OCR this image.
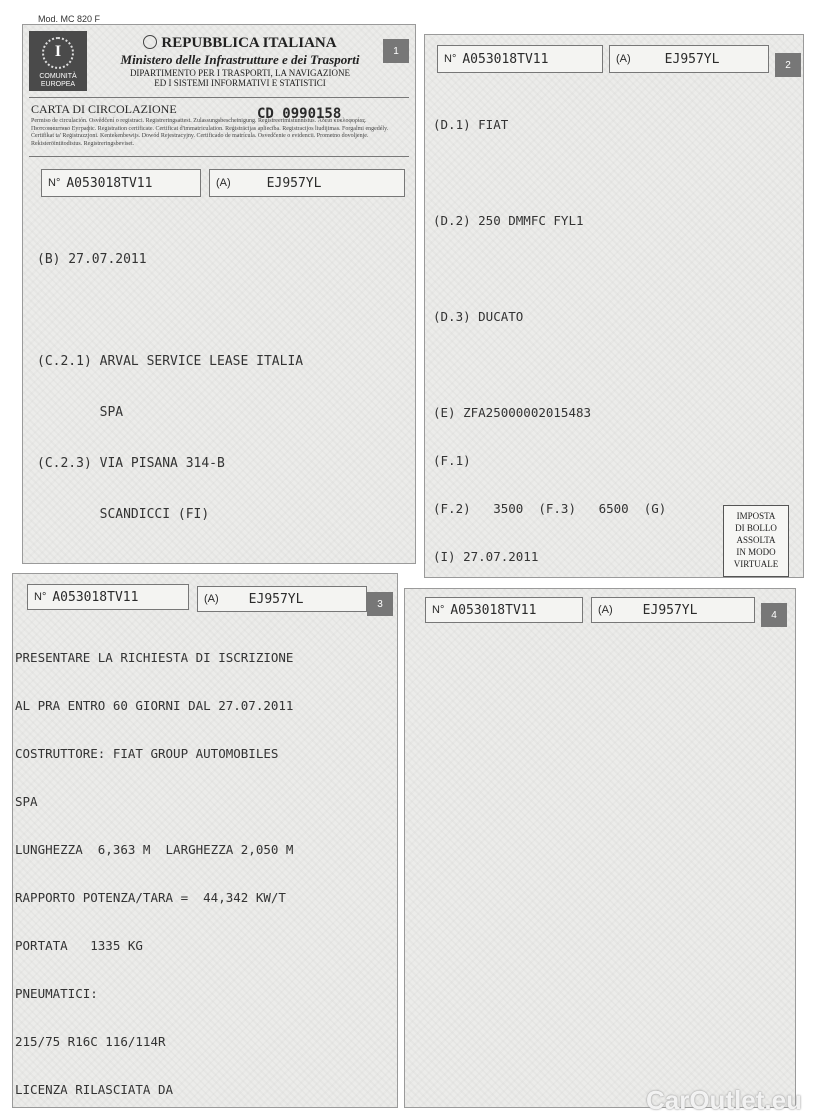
Mod. MC 820 F
I
COMUNITÀ
EUROPEA
REPUBBLICA ITALIANA
Ministero delle Infrastrutture e dei Trasporti
DIPARTIMENTO PER I TRASPORTI, LA NAVIGAZIONE
ED I SISTEMI INFORMATIVI E STATISTICI
1
CARTA DI CIRCOLAZIONE	CD 0990158
Permiso de circulación. Osvědčení o registraci. Registreringsattest. Zulassungsbescheinigung. Registreerimistunnistus. Άδεια κυκλοφορίας. Пютсовиштико Еуграфіс. Registration certificate. Certificat d'immatriculation. Reģistrācijas apliecība. Registracijos liudijimas. Forgalmi engedély. Ċertifikat ta' Reġistrazzjoni. Kentekenbewijs. Dowód Rejestracyjny. Certificado de matrícula. Osvedčenie o evidencii. Prometno dovoljenje. Rekisteröintitodistus. Registreringsbeviset.
N° A053018TV11	(A)	EJ957YL

(B) 27.07.2011

(C.2.1) ARVAL SERVICE LEASE ITALIA

SPA

(C.2.3) VIA PISANA 314-B

SCANDICCI (FI)

N° A053018TV11	(A)	EJ957YL	2

(D.1) FIAT

(D.2) 250 DMMFC FYL1

(D.3) DUCATO

(E) ZFA25000002015483

(F.1)

(F.2)   3500  (F.3)   6500  (G)

(I) 27.07.2011

IMPOSTA
DI BOLLO
ASSOLTA
IN MODO
VIRTUALE
N° A053018TV11	(A) EJ957YL	3

PRESENTARE LA RICHIESTA DI ISCRIZIONE

AL PRA ENTRO 60 GIORNI DAL 27.07.2011

COSTRUTTORE: FIAT GROUP AUTOMOBILES

SPA

LUNGHEZZA  6,363 M  LARGHEZZA 2,050 M

RAPPORTO POTENZA/TARA =  44,342 KW/T

PORTATA   1335 KG

PNEUMATICI:

215/75 R16C 116/114R

LICENZA RILASCIATA DA

N° A053018TV11	(A) EJ957YL	4
CarOutlet.eu
